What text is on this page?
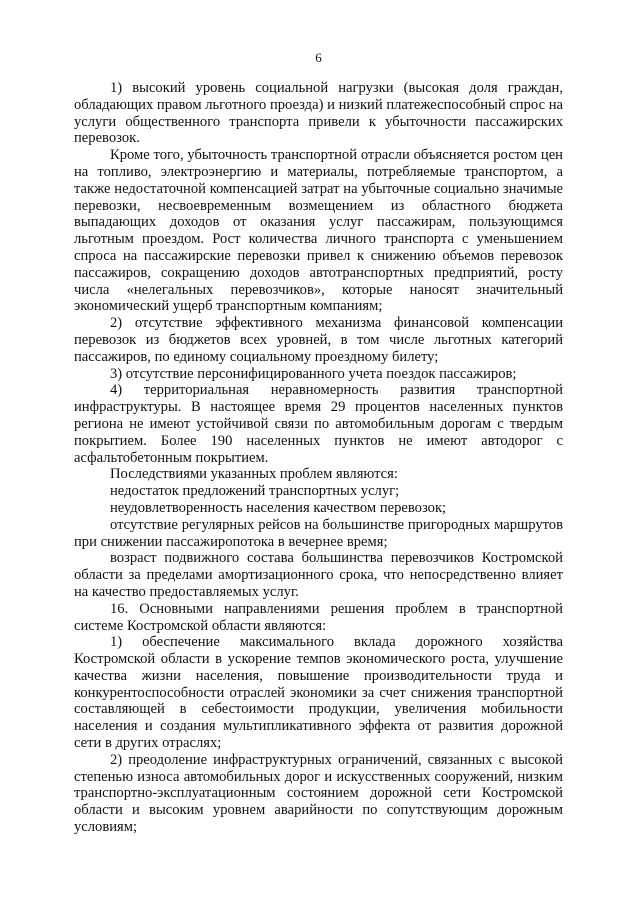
6

1) высокий уровень социальной нагрузки (высокая доля граждан, обладающих правом льготного проезда) и низкий платежеспособный спрос на услуги общественного транспорта привели к убыточности пассажирских перевозок.

Кроме того, убыточность транспортной отрасли объясняется ростом цен на топливо, электроэнергию и материалы, потребляемые транспортом, а также недостаточной компенсацией затрат на убыточные социально значимые перевозки, несвоевременным возмещением из областного бюджета выпадающих доходов от оказания услуг пассажирам, пользующимся льготным проездом. Рост количества личного транспорта с уменьшением спроса на пассажирские перевозки привел к снижению объемов перевозок пассажиров, сокращению доходов автотранспортных предприятий, росту числа «нелегальных перевозчиков», которые наносят значительный экономический ущерб транспортным компаниям;

2) отсутствие эффективного механизма финансовой компенсации перевозок из бюджетов всех уровней, в том числе льготных категорий пассажиров, по единому социальному проездному билету;

3) отсутствие персонифицированного учета поездок пассажиров;

4) территориальная неравномерность развития транспортной инфраструктуры. В настоящее время 29 процентов населенных пунктов региона не имеют устойчивой связи по автомобильным дорогам с твердым покрытием. Более 190 населенных пунктов не имеют автодорог с асфальтобетонным покрытием.

Последствиями указанных проблем являются:

недостаток предложений транспортных услуг;

неудовлетворенность населения качеством перевозок;

отсутствие регулярных рейсов на большинстве пригородных маршрутов при снижении пассажиропотока в вечернее время;

возраст подвижного состава большинства перевозчиков Костромской области за пределами амортизационного срока, что непосредственно влияет на качество предоставляемых услуг.

16. Основными направлениями решения проблем в транспортной системе Костромской области являются:

1) обеспечение максимального вклада дорожного хозяйства Костромской области в ускорение темпов экономического роста, улучшение качества жизни населения, повышение производительности труда и конкурентоспособности отраслей экономики за счет снижения транспортной составляющей в себестоимости продукции, увеличения мобильности населения и создания мультипликативного эффекта от развития дорожной сети в других отраслях;

2) преодоление инфраструктурных ограничений, связанных с высокой степенью износа автомобильных дорог и искусственных сооружений, низким транспортно-эксплуатационным состоянием дорожной сети Костромской области и высоким уровнем аварийности по сопутствующим дорожным условиям;
